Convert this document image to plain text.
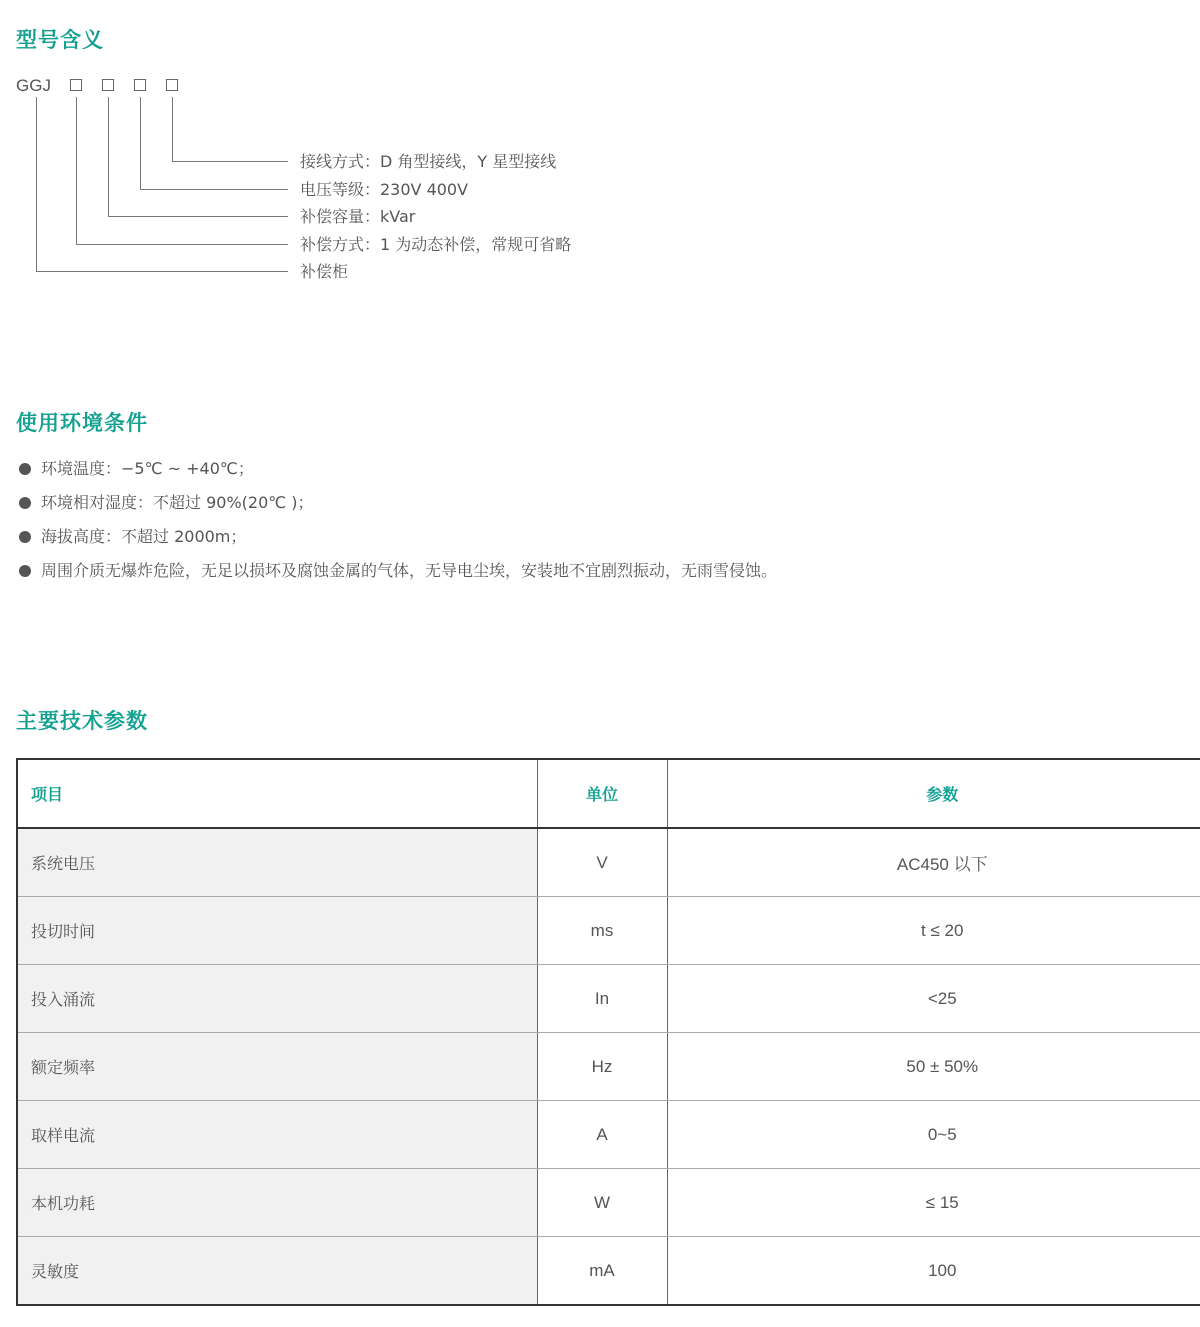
型号含义
GGJ
接线方式：D 角型接线，Y 星型接线
电压等级：230V 400V
补偿容量：kVar
补偿方式：1 为动态补偿，常规可省略
补偿柜
使用环境条件
环境温度：−5℃ ~ +40℃；
环境相对湿度：不超过 90%(20℃ )；
海拔高度：不超过 2000m；
周围介质无爆炸危险，无足以损坏及腐蚀金属的气体，无导电尘埃，安装地不宜剧烈振动，无雨雪侵蚀。
主要技术参数
项目	单位	参数
系统电压	V	AC450 以下
投切时间	ms	t ≤ 20
投入涌流	In	<25
额定频率	Hz	50 ± 50%
取样电流	A	0~5
本机功耗	W	≤ 15
灵敏度	mA	100
